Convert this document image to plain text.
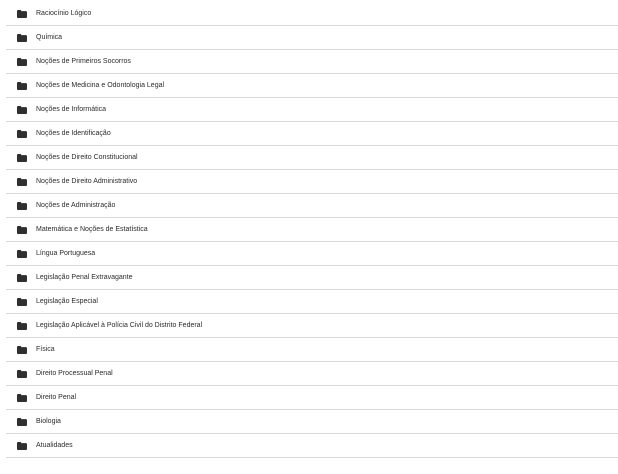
Raciocínio Lógico
Química
Noções de Primeiros Socorros
Noções de Medicina e Odontologia Legal
Noções de Informática
Noções de Identificação
Noções de Direito Constitucional
Noções de Direito Administrativo
Noções de Administração
Matemática e Noções de Estatística
Língua Portuguesa
Legislação Penal Extravagante
Legislação Especial
Legislação Aplicável à Polícia Civil do Distrito Federal
Física
Direito Processual Penal
Direito Penal
Biologia
Atualidades
